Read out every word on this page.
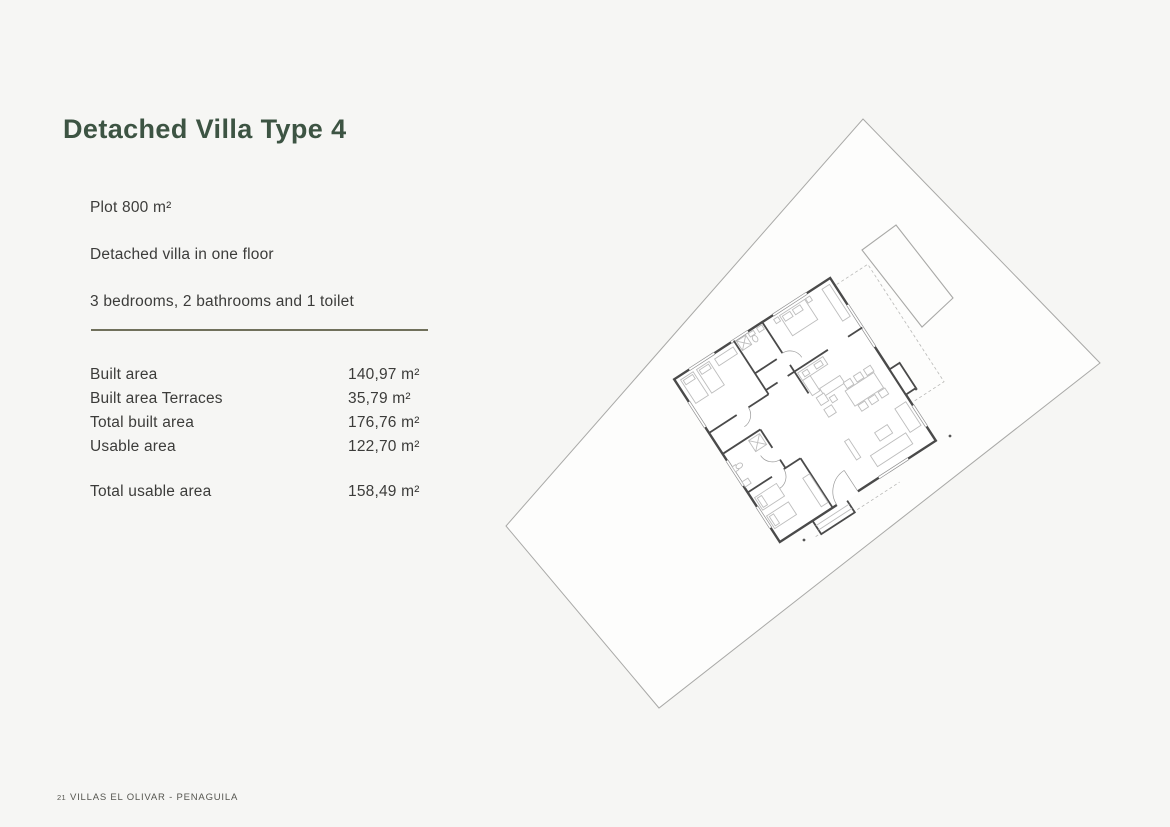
Detached Villa Type 4
Plot 800 m²
Detached villa in one floor
3 bedrooms, 2 bathrooms and 1 toilet
Built area	140,97 m²
Built area Terraces	35,79 m²
Total built area	176,76 m²
Usable area	122,70 m²
Total usable area	158,49 m²
21 VILLAS EL OLIVAR - PENAGUILA
